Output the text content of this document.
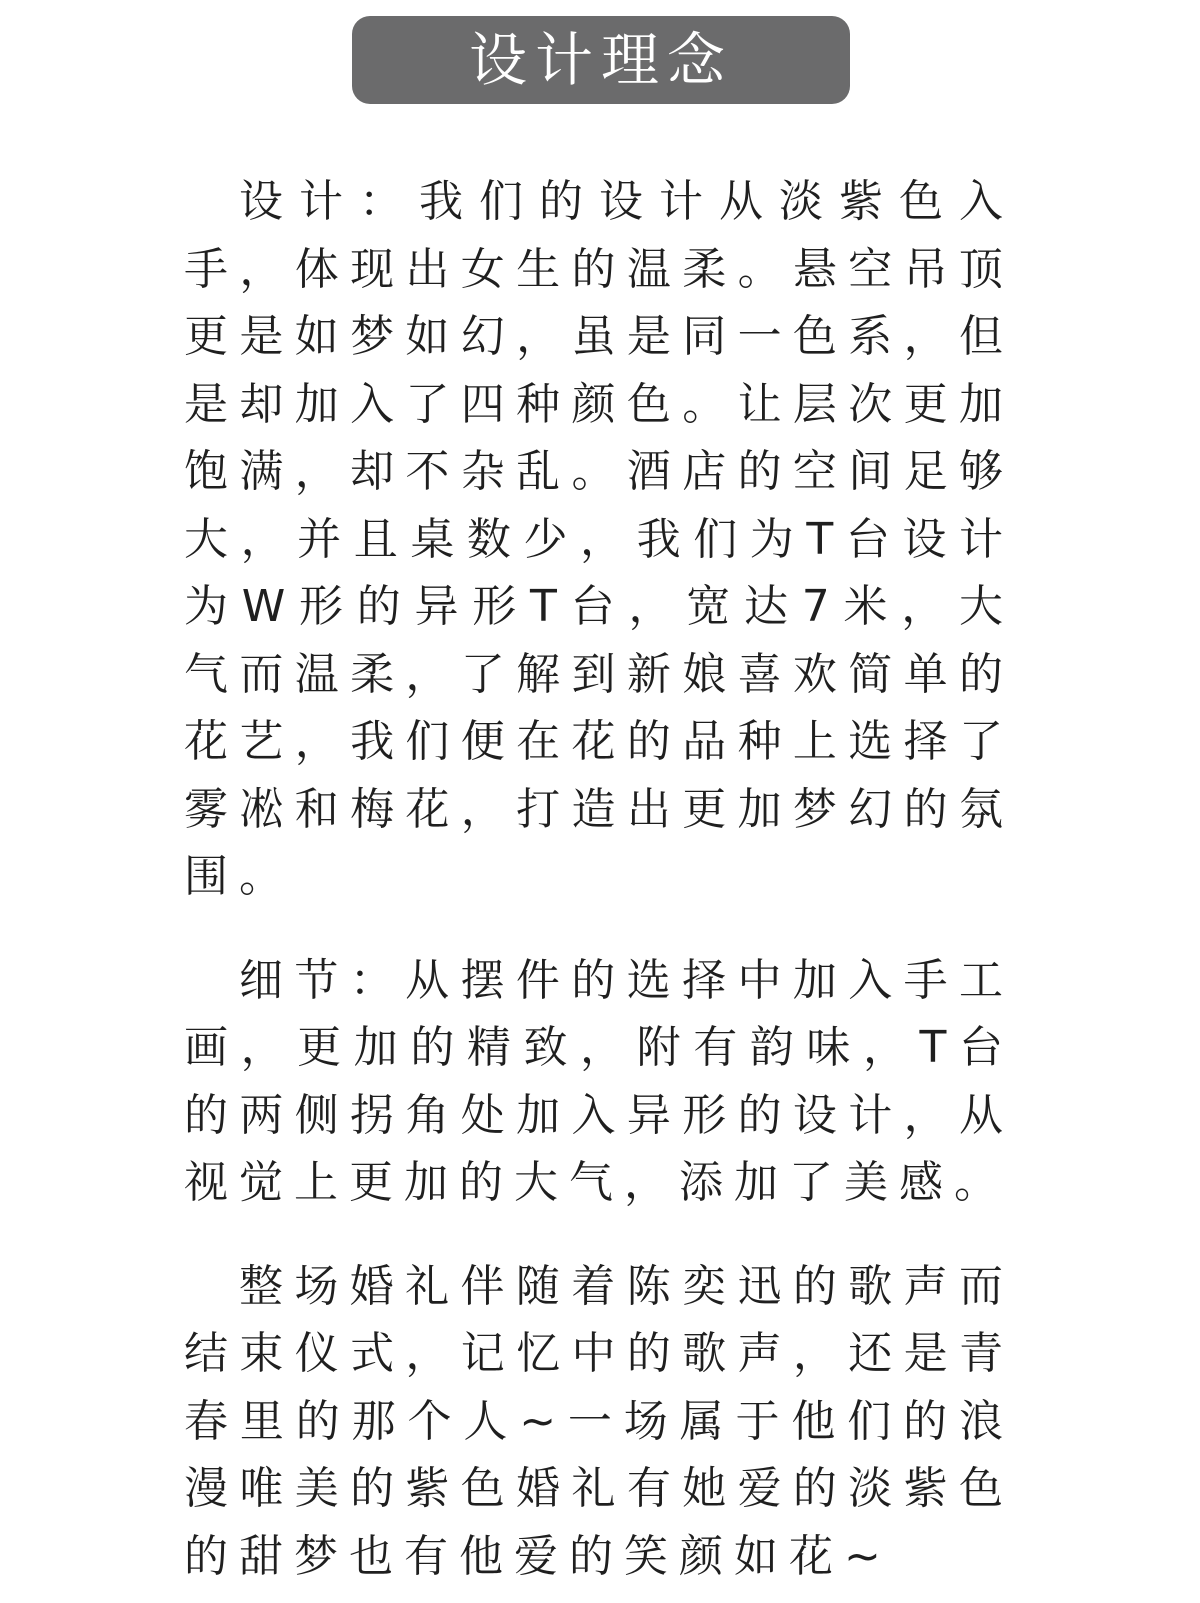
设计理念

设计：我们的设计从淡紫色入手，体现出女生的温柔。悬空吊顶更是如梦如幻，虽是同一色系，但是却加入了四种颜色。让层次更加饱满，却不杂乱。酒店的空间足够大，并且桌数少，我们为T台设计为W形的异形T台，宽达7米，大气而温柔，了解到新娘喜欢简单的花艺，我们便在花的品种上选择了雾凇和梅花，打造出更加梦幻的氛围。

细节：从摆件的选择中加入手工画，更加的精致，附有韵味，T台的两侧拐角处加入异形的设计，从视觉上更加的大气，添加了美感。

整场婚礼伴随着陈奕迅的歌声而结束仪式，记忆中的歌声，还是青春里的那个人~一场属于他们的浪漫唯美的紫色婚礼有她爱的淡紫色的甜梦也有他爱的笑颜如花~
